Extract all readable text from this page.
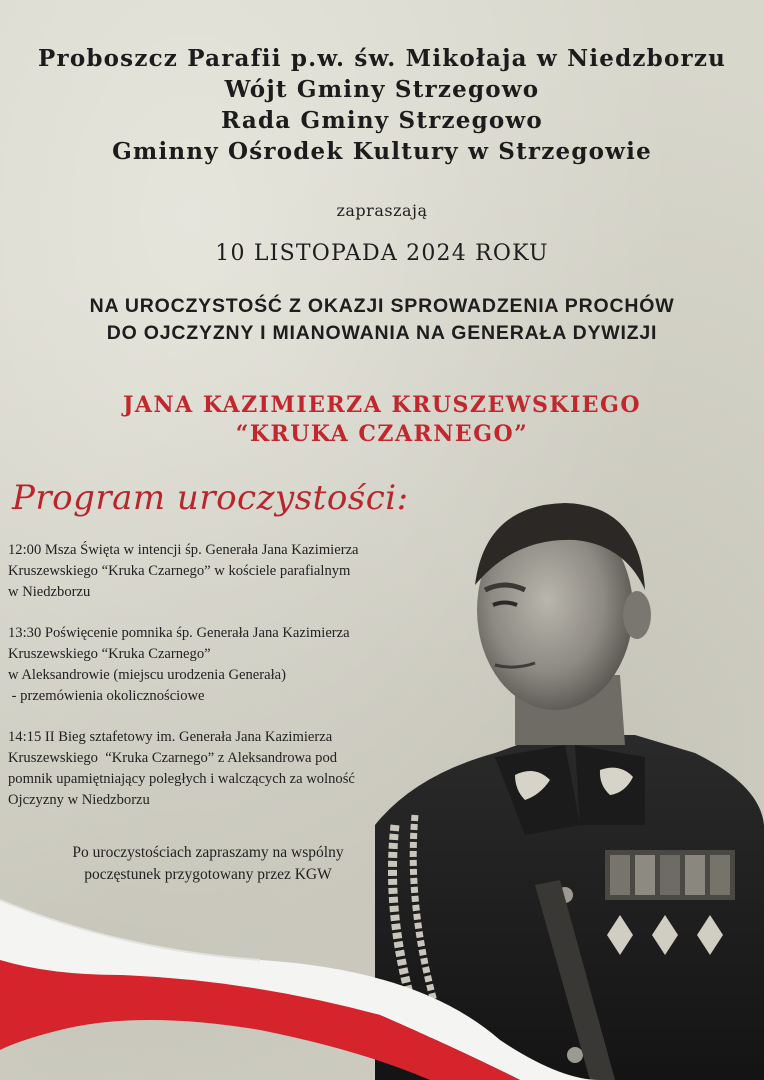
Proboszcz Parafii p.w. św. Mikołaja w Niedzborzu
Wójt Gminy Strzegowo
Rada Gminy Strzegowo
Gminny Ośrodek Kultury w Strzegowie
zapraszają
10 LISTOPADA 2024 ROKU
NA UROCZYSTOŚĆ Z OKAZJI SPROWADZENIA PROCHÓW
DO OJCZYZNY I MIANOWANIA NA GENERAŁA DYWIZJI
JANA KAZIMIERZA KRUSZEWSKIEGO
“KRUKA CZARNEGO”
Program uroczystości:
12:00 Msza Święta w intencji śp. Generała Jana Kazimierza
Kruszewskiego “Kruka Czarnego” w kościele parafialnym
w Niedzborzu
13:30 Poświęcenie pomnika śp. Generała Jana Kazimierza
Kruszewskiego “Kruka Czarnego”
w Aleksandrowie (miejscu urodzenia Generała)
- przemówienia okolicznościowe
14:15 II Bieg sztafetowy im. Generała Jana Kazimierza
Kruszewskiego  “Kruka Czarnego” z Aleksandrowa pod
pomnik upamiętniający poległych i walczących za wolność
Ojczyzny w Niedzborzu
Po uroczystościach zapraszamy na wspólny
poczęstunek przygotowany przez KGW
